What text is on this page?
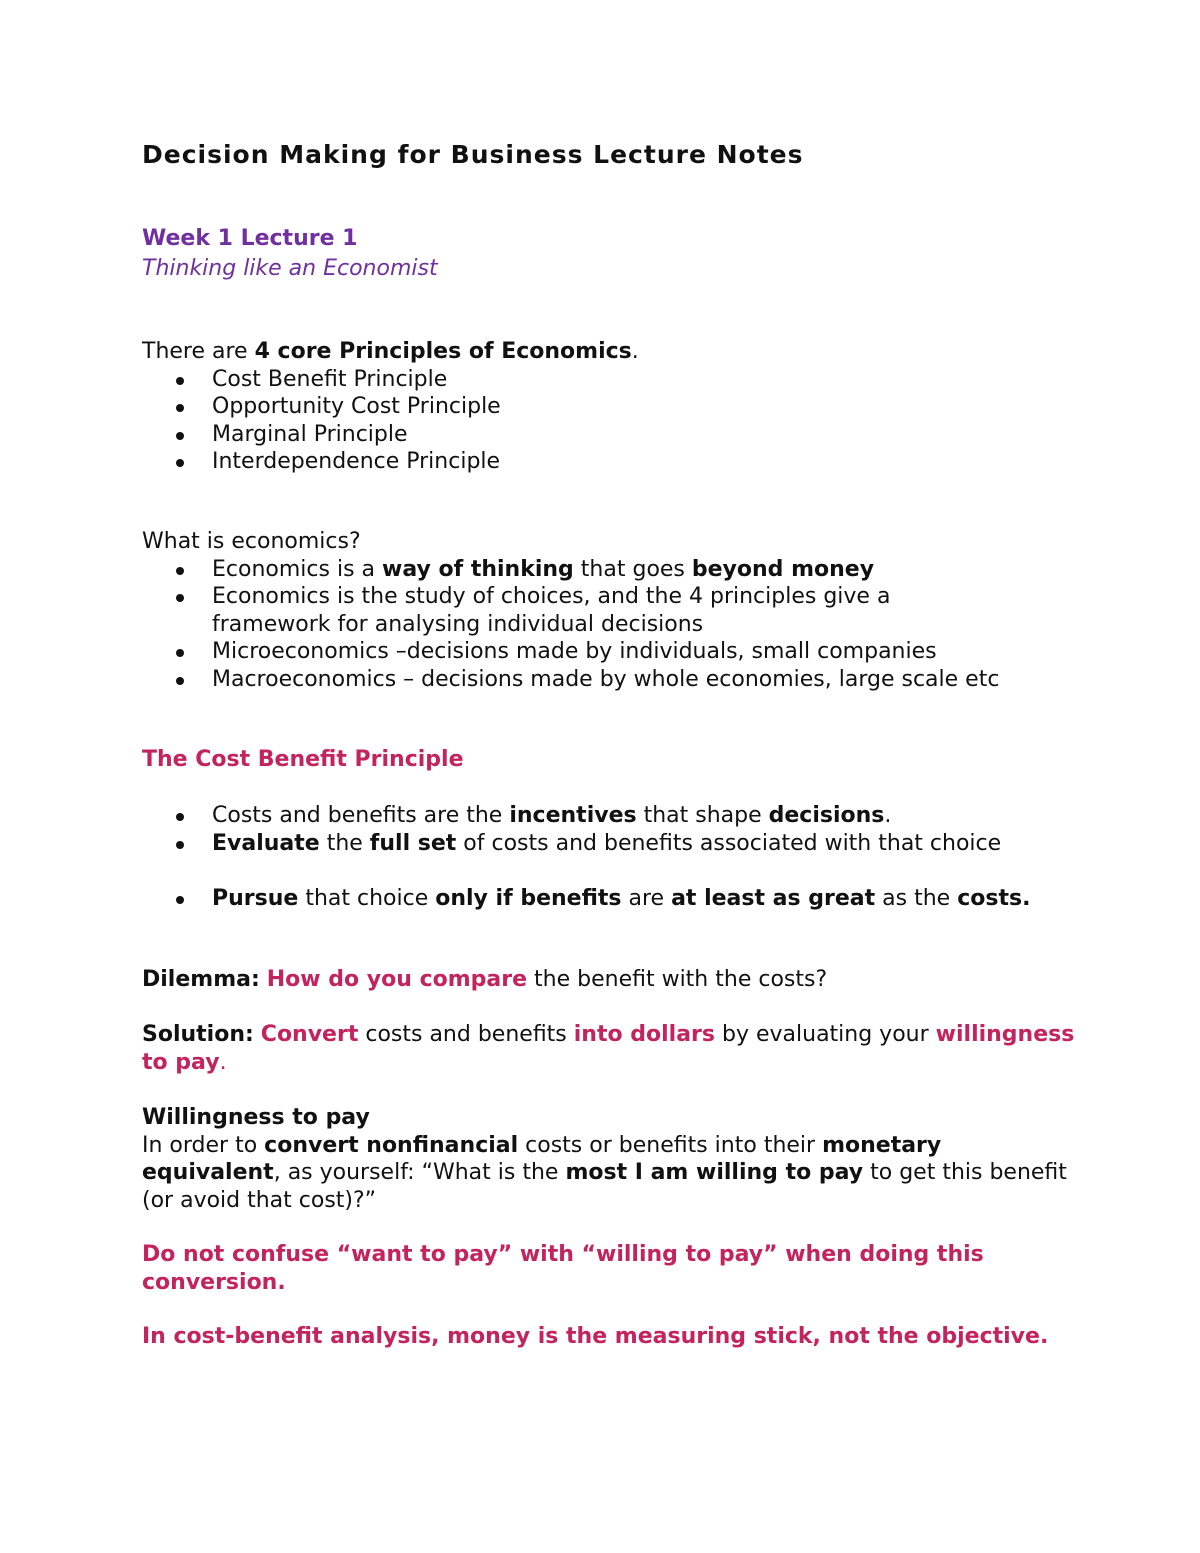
Decision Making for Business Lecture Notes
Week 1 Lecture 1
Thinking like an Economist

There are 4 core Principles of Economics.

Cost Benefit Principle
Opportunity Cost Principle
Marginal Principle
Interdependence Principle

What is economics?

Economics is a way of thinking that goes beyond money
Economics is the study of choices, and the 4 principles give a framework for analysing individual decisions
Microeconomics –decisions made by individuals, small companies
Macroeconomics – decisions made by whole economies, large scale etc
The Cost Benefit Principle
Costs and benefits are the incentives that shape decisions.
Evaluate the full set of costs and benefits associated with that choice
Pursue that choice only if benefits are at least as great as the costs.

Dilemma: How do you compare the benefit with the costs?

Solution: Convert costs and benefits into dollars by evaluating your willingness to pay.

Willingness to pay

In order to convert nonfinancial costs or benefits into their monetary equivalent, as yourself: “What is the most I am willing to pay to get this benefit (or avoid that cost)?”

Do not confuse “want to pay” with “willing to pay” when doing this conversion.

In cost-benefit analysis, money is the measuring stick, not the objective.
